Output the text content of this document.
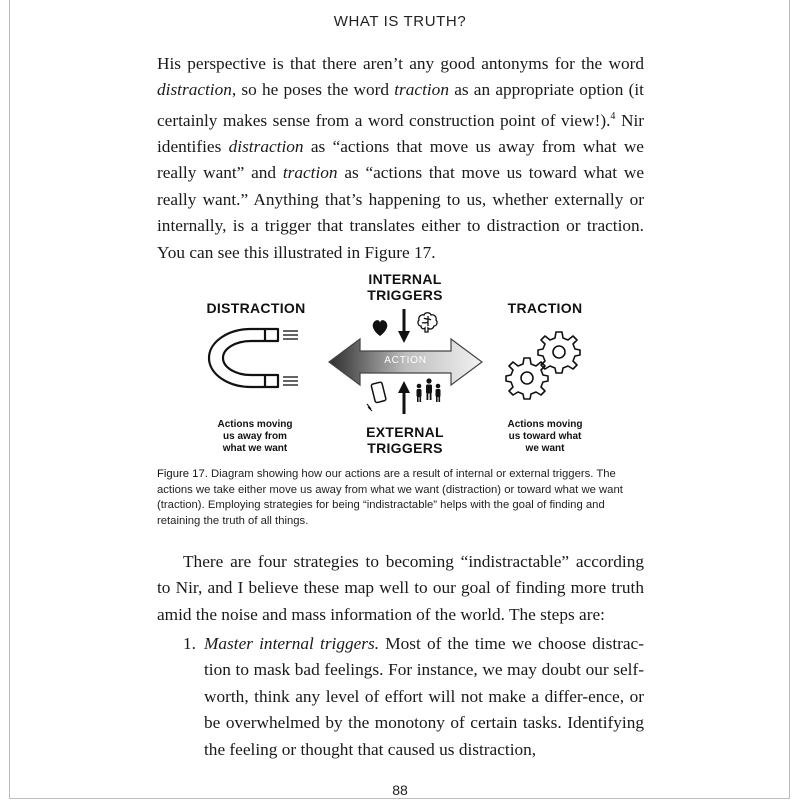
WHAT IS TRUTH?

His perspective is that there aren’t any good antonyms for the word distraction, so he poses the word traction as an appropriate option (it certainly makes sense from a word construction point of view!).$^4$ Nir identifies distraction as “actions that move us away from what we really want” and traction as “actions that move us toward what we really want.” Anything that’s happening to us, whether externally or internally, is a trigger that translates either to distraction or traction. You can see this illustrated in Figure 17.

DISTRACTION
INTERNAL
TRIGGERS
TRACTION
EXTERNAL
TRIGGERS
Actions moving
us away from
what we want
Actions moving
us toward what
we want
ACTION
Figure 17. Diagram showing how our actions are a result of internal or external triggers. The actions we take either move us away from what we want (distraction) or toward what we want (traction). Employing strategies for being “indistractable” helps with the goal of finding and retaining the truth of all things.

There are four strategies to becoming “indistractable” according to Nir, and I believe these map well to our goal of finding more truth amid the noise and mass information of the world. The steps are:

1. Master internal triggers. Most of the time we choose distrac-tion to mask bad feelings. For instance, we may doubt our self-worth, think any level of effort will not make a differ-ence, or be overwhelmed by the monotony of certain tasks. Identifying the feeling or thought that caused us distraction,
88
